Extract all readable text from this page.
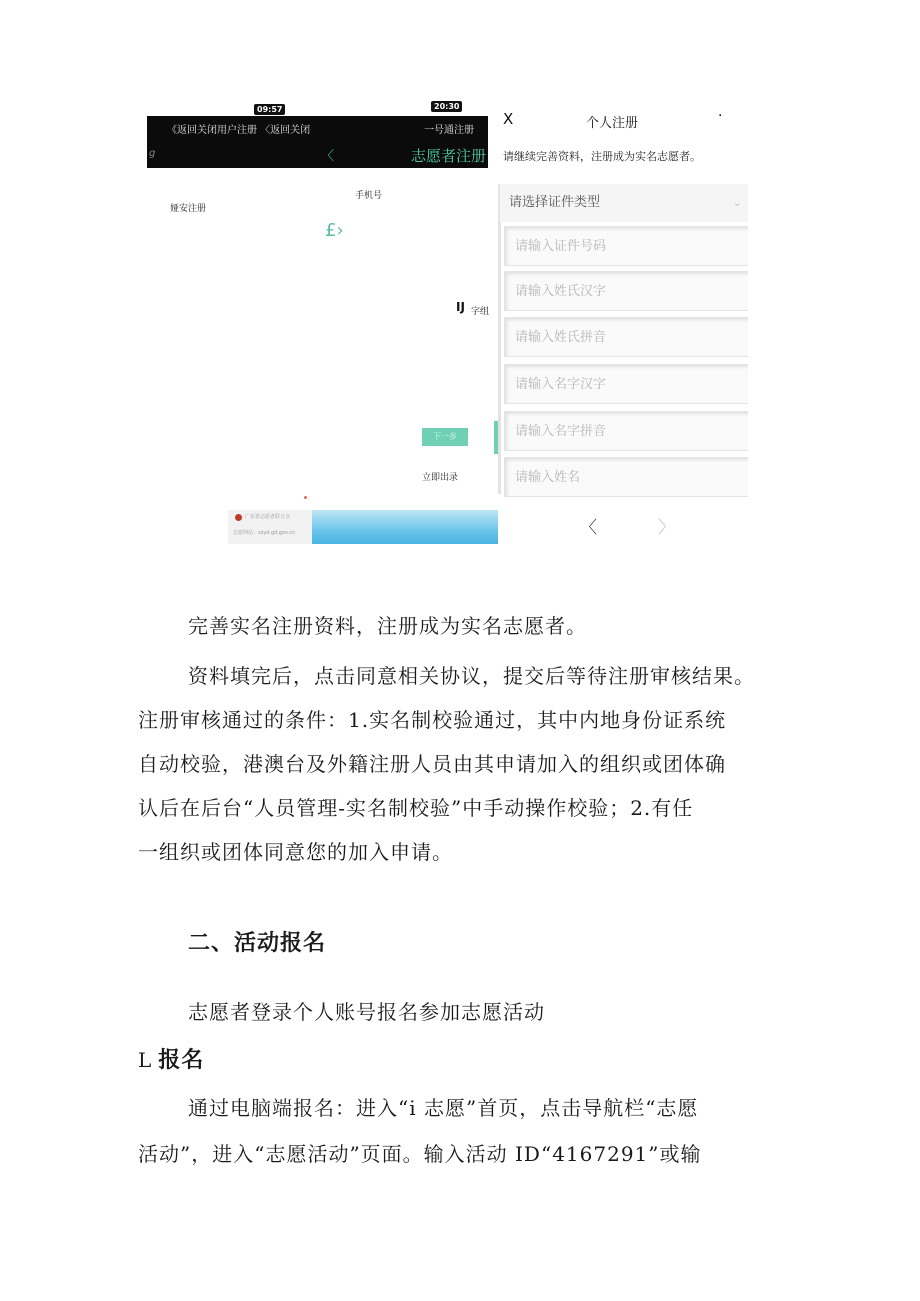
09:57	20:30
《返回关闭用户注册 〈返回关闭	一号通注册
g	〈	志愿者注册
手机号
娅安注册
£›
IJ 字组
下一步
立即出录
X	个人注册	·
请继续完善资料，注册成为实名志愿者。
请选择证件类型	⌄
请输入证件号码
请输入姓氏汉字
请输入姓氏拼音
请输入名字汉字
请输入名字拼音
请输入姓名
广东省志愿者联合会
志愿网站：szyd.gd.gov.cn	〈	〉
完善实名注册资料，注册成为实名志愿者。
资料填完后，点击同意相关协议，提交后等待注册审核结果。
注册审核通过的条件：1.实名制校验通过，其中内地身份证系统
自动校验，港澳台及外籍注册人员由其申请加入的组织或团体确
认后在后台“人员管理-实名制校验”中手动操作校验；2.有任
一组织或团体同意您的加入申请。
二、活动报名
志愿者登录个人账号报名参加志愿活动
L 报名
通过电脑端报名：进入“i 志愿”首页，点击导航栏“志愿
活动”，进入“志愿活动”页面。输入活动 ID“4167291”或输
